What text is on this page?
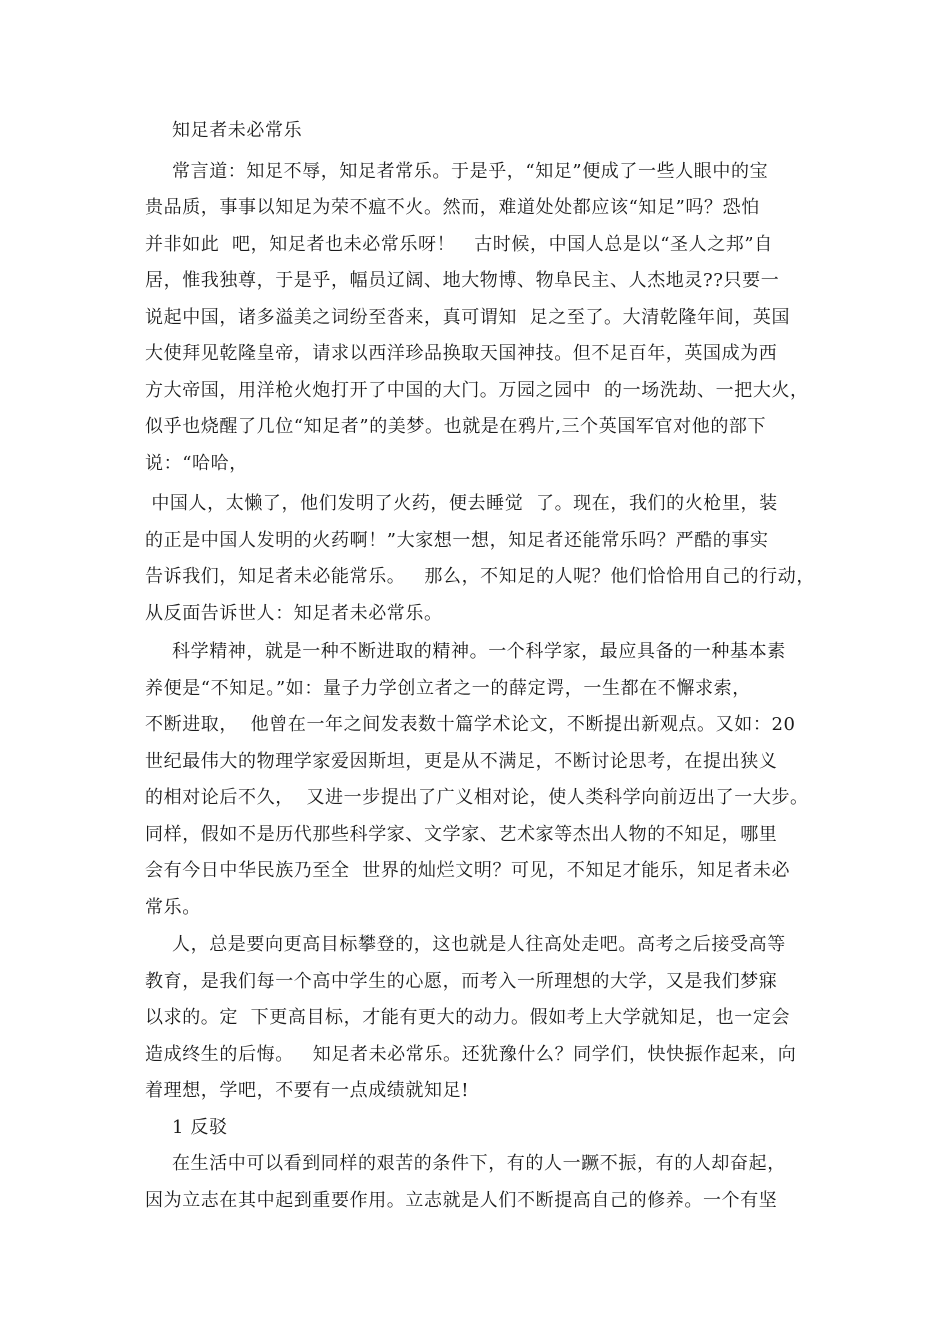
知足者未必常乐
常言道：知足不辱，知足者常乐。于是乎，“知足”便成了一些人眼中的宝
贵品质，事事以知足为荣不瘟不火。然而，难道处处都应该“知足”吗？恐怕
并非如此  吧，知足者也未必常乐呀！   古时候，中国人总是以“圣人之邦”自
居，惟我独尊，于是乎，幅员辽阔、地大物博、物阜民主、人杰地灵??只要一
说起中国，诸多溢美之词纷至沓来，真可谓知  足之至了。大清乾隆年间，英国
大使拜见乾隆皇帝，请求以西洋珍品换取天国神技。但不足百年，英国成为西
方大帝国，用洋枪火炮打开了中国的大门。万园之园中  的一场洗劫、一把大火，
似乎也烧醒了几位“知足者”的美梦。也就是在鸦片,三个英国军官对他的部下
说：“哈哈，
中国人，太懒了，他们发明了火药，便去睡觉  了。现在，我们的火枪里，装
的正是中国人发明的火药啊！”大家想一想，知足者还能常乐吗？严酷的事实
告诉我们，知足者未必能常乐。   那么，不知足的人呢？他们恰恰用自己的行动，
从反面告诉世人：知足者未必常乐。
科学精神，就是一种不断进取的精神。一个科学家，最应具备的一种基本素
养便是“不知足。”如：量子力学创立者之一的薛定谔，一生都在不懈求索，
不断进取，  他曾在一年之间发表数十篇学术论文，不断提出新观点。又如：20
世纪最伟大的物理学家爱因斯坦，更是从不满足，不断讨论思考，在提出狭义
的相对论后不久，  又进一步提出了广义相对论，使人类科学向前迈出了一大步。
同样，假如不是历代那些科学家、文学家、艺术家等杰出人物的不知足，哪里
会有今日中华民族乃至全  世界的灿烂文明？可见，不知足才能乐，知足者未必
常乐。
人，总是要向更高目标攀登的，这也就是人往高处走吧。高考之后接受高等
教育，是我们每一个高中学生的心愿，而考入一所理想的大学，又是我们梦寐
以求的。定  下更高目标，才能有更大的动力。假如考上大学就知足，也一定会
造成终生的后悔。   知足者未必常乐。还犹豫什么？同学们，快快振作起来，向
着理想，学吧，不要有一点成绩就知足!
1 反驳
在生活中可以看到同样的艰苦的条件下，有的人一蹶不振，有的人却奋起，
因为立志在其中起到重要作用。立志就是人们不断提高自己的修养。一个有坚
